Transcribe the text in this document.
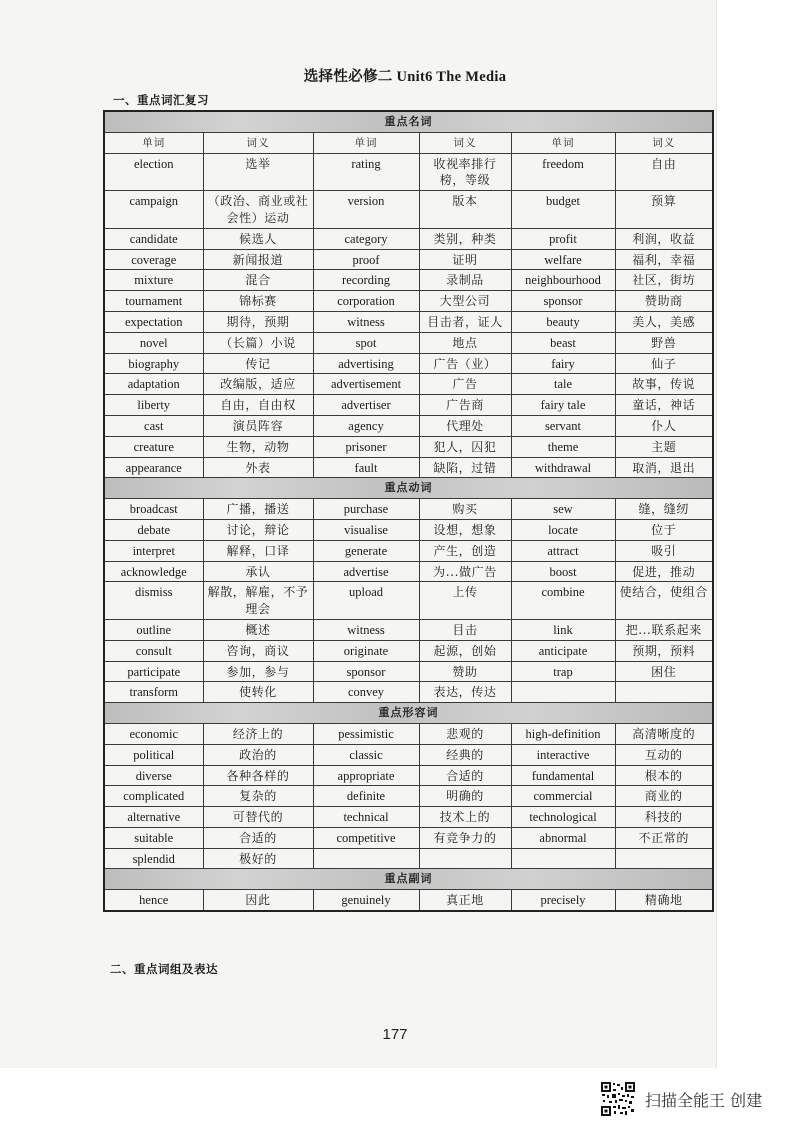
选择性必修二 Unit6 The Media
一、重点词汇复习
重点名词					
单词	词义	单词	词义	单词	词义
election	选举	rating	收视率排行榜，等级	freedom	自由
campaign	（政治、商业或社会性）运动	version	版本	budget	预算
candidate	候选人	category	类别，种类	profit	利润，收益
coverage	新闻报道	proof	证明	welfare	福利，幸福
mixture	混合	recording	录制品	neighbourhood	社区，街坊
tournament	锦标赛	corporation	大型公司	sponsor	赞助商
expectation	期待，预期	witness	目击者，证人	beauty	美人，美感
novel	（长篇）小说	spot	地点	beast	野兽
biography	传记	advertising	广告（业）	fairy	仙子
adaptation	改编版，适应	advertisement	广告	tale	故事，传说
liberty	自由，自由权	advertiser	广告商	fairy tale	童话，神话
cast	演员阵容	agency	代理处	servant	仆人
creature	生物，动物	prisoner	犯人，囚犯	theme	主题
appearance	外表	fault	缺陷，过错	withdrawal	取消，退出
重点动词					
broadcast	广播，播送	purchase	购买	sew	缝，缝纫
debate	讨论，辩论	visualise	设想，想象	locate	位于
interpret	解释，口译	generate	产生，创造	attract	吸引
acknowledge	承认	advertise	为...做广告	boost	促进，推动
dismiss	解散，解雇，不予理会	upload	上传	combine	使结合，使组合
outline	概述	witness	目击	link	把...联系起来
consult	咨询，商议	originate	起源，创始	anticipate	预期，预料
participate	参加，参与	sponsor	赞助	trap	困住
transform	使转化	convey	表达，传达		
重点形容词					
economic	经济上的	pessimistic	悲观的	high-definition	高清晰度的
political	政治的	classic	经典的	interactive	互动的
diverse	各种各样的	appropriate	合适的	fundamental	根本的
complicated	复杂的	definite	明确的	commercial	商业的
alternative	可替代的	technical	技术上的	technological	科技的
suitable	合适的	competitive	有竞争力的	abnormal	不正常的
splendid	极好的				
重点副词					
hence	因此	genuinely	真正地	precisely	精确地
二、重点词组及表达
177
扫描全能王 创建
